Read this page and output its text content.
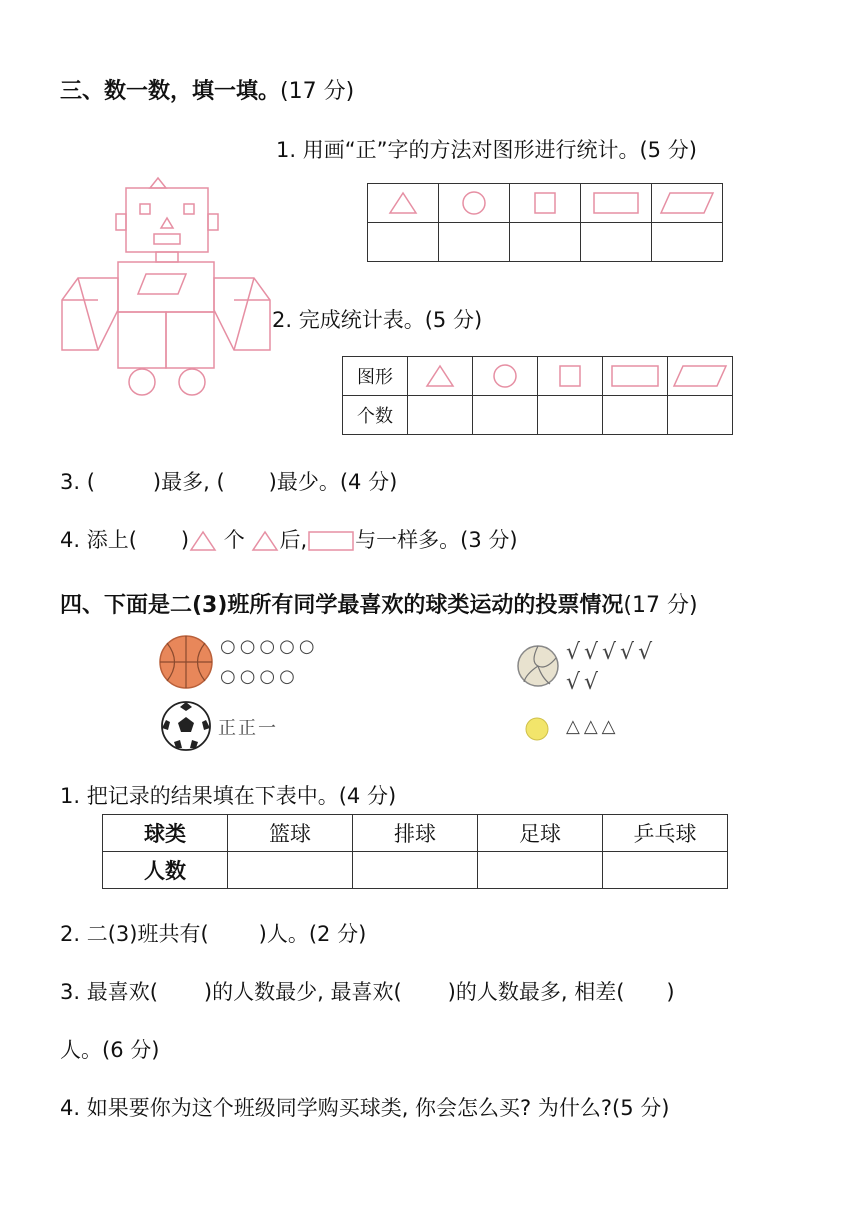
三、数一数，填一填。(17 分)
1. 用画“正”字的方法对图形进行统计。(5 分)

2. 完成统计表。(5 分)
图形					
个数					
3. (	)最多, ( )最少。(4 分)
4. 添上( ) 个 后, 与一样多。(3 分)
四、下面是二(3)班所有同学最喜欢的球类运动的投票情况(17 分)
○○○○○
○○○○
√√√√√
√√
正正一	△△△
1. 把记录的结果填在下表中。(4 分)
球类	篮球	排球	足球	乒乓球
人数				
2. 二(3)班共有( )人。(2 分)
3. 最喜欢( )的人数最少, 最喜欢( )的人数最多, 相差( )
人。(6 分)
4. 如果要你为这个班级同学购买球类, 你会怎么买? 为什么?(5 分)
